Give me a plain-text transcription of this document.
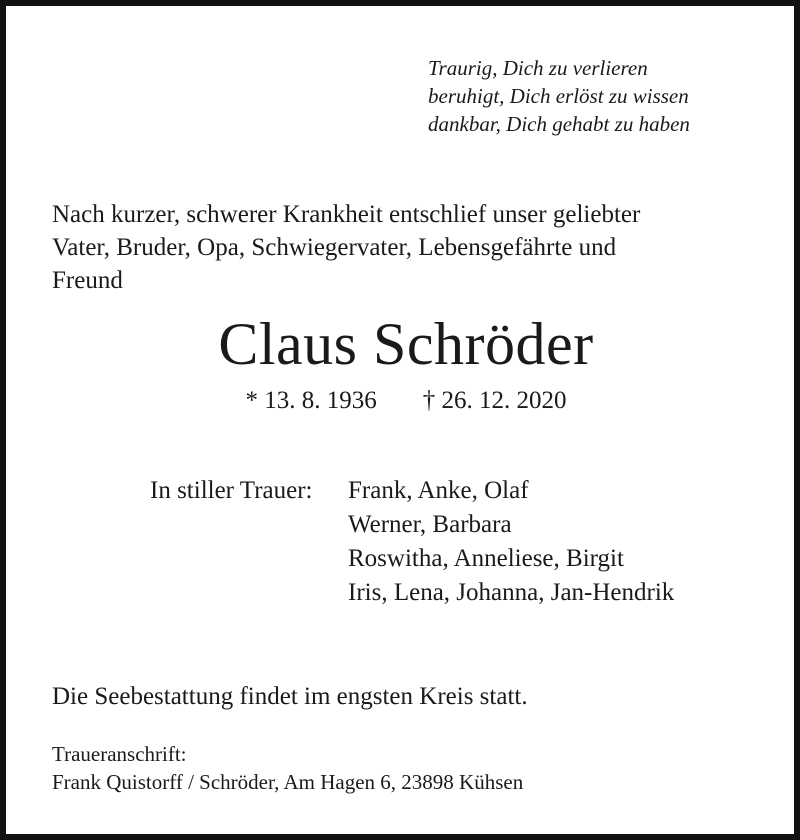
Traurig, Dich zu verlieren
beruhigt, Dich erlöst zu wissen
dankbar, Dich gehabt zu haben
Nach kurzer, schwerer Krankheit entschlief unser geliebter
Vater, Bruder, Opa, Schwiegervater, Lebensgefährte und
Freund
Claus Schröder
* 13. 8. 1936 † 26. 12. 2020
In stiller Trauer: Frank, Anke, Olaf
Werner, Barbara
Roswitha, Anneliese, Birgit
Iris, Lena, Johanna, Jan-Hendrik
Die Seebestattung findet im engsten Kreis statt.
Traueranschrift:
Frank Quistorff / Schröder, Am Hagen 6, 23898 Kühsen
